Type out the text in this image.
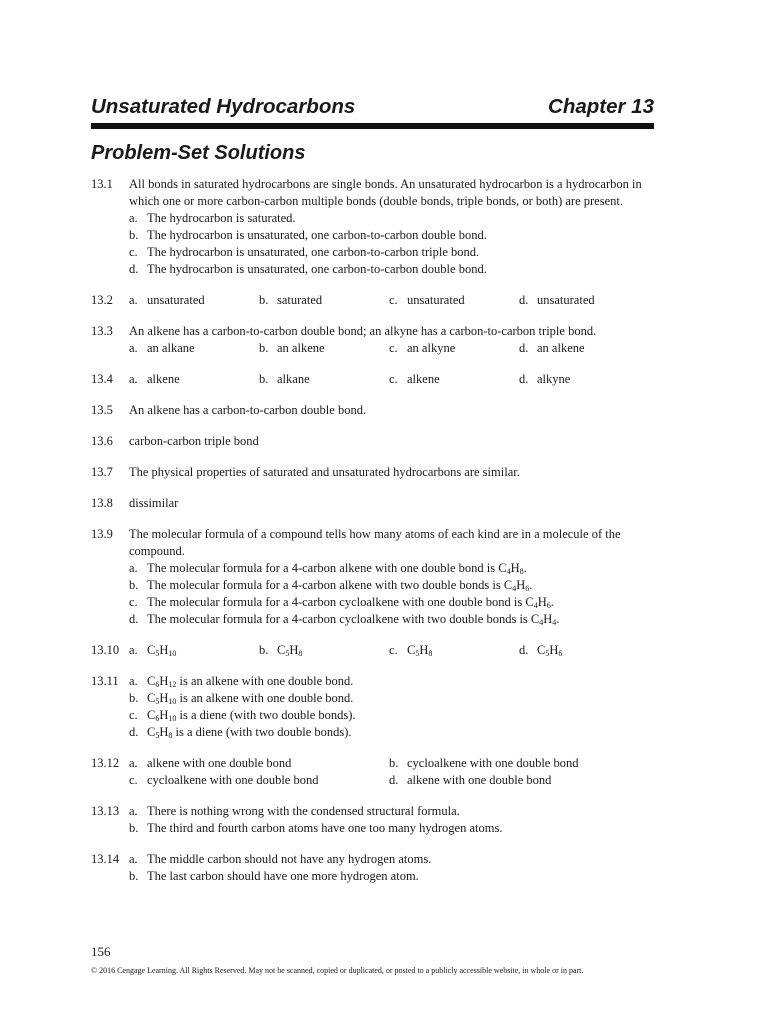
Unsaturated Hydrocarbons	Chapter 13
Problem-Set Solutions
13.1	All bonds in saturated hydrocarbons are single bonds. An unsaturated hydrocarbon is a hydrocarbon in which one or more carbon-carbon multiple bonds (double bonds, triple bonds, or both) are present.
a. The hydrocarbon is saturated.
b. The hydrocarbon is unsaturated, one carbon-to-carbon double bond.
c. The hydrocarbon is unsaturated, one carbon-to-carbon triple bond.
d. The hydrocarbon is unsaturated, one carbon-to-carbon double bond.
13.2	a. unsaturated	b. saturated	c. unsaturated	d. unsaturated
13.3	An alkene has a carbon-to-carbon double bond; an alkyne has a carbon-to-carbon triple bond.
a. an alkane	b. an alkene	c. an alkyne	d. an alkene
13.4	a. alkene	b. alkane	c. alkene	d. alkyne
13.5	An alkene has a carbon-to-carbon double bond.
13.6	carbon-carbon triple bond
13.7	The physical properties of saturated and unsaturated hydrocarbons are similar.
13.8	dissimilar
13.9	The molecular formula of a compound tells how many atoms of each kind are in a molecule of the compound.
a. The molecular formula for a 4-carbon alkene with one double bond is $C_4H_8$.
b. The molecular formula for a 4-carbon alkene with two double bonds is $C_4H_6$.
c. The molecular formula for a 4-carbon cycloalkene with one double bond is $C_4H_6$.
d. The molecular formula for a 4-carbon cycloalkene with two double bonds is $C_4H_4$.
13.10 a. $C_5H_{10}$	b. $C_5H_8$	c. $C_5H_8$	d. $C_5H_6$
13.11 a. $C_6H_{12}$ is an alkene with one double bond.
b. $C_5H_{10}$ is an alkene with one double bond.
c. $C_6H_{10}$ is a diene (with two double bonds).
d. $C_5H_8$ is a diene (with two double bonds).
13.12 a. alkene with one double bond	b. cycloalkene with one double bond
c. cycloalkene with one double bond	d. alkene with one double bond
13.13 a. There is nothing wrong with the condensed structural formula.
b. The third and fourth carbon atoms have one too many hydrogen atoms.
13.14 a. The middle carbon should not have any hydrogen atoms.
b. The last carbon should have one more hydrogen atom.
156
© 2016 Cengage Learning. All Rights Reserved. May not be scanned, copied or duplicated, or posted to a publicly accessible website, in whole or in part.
